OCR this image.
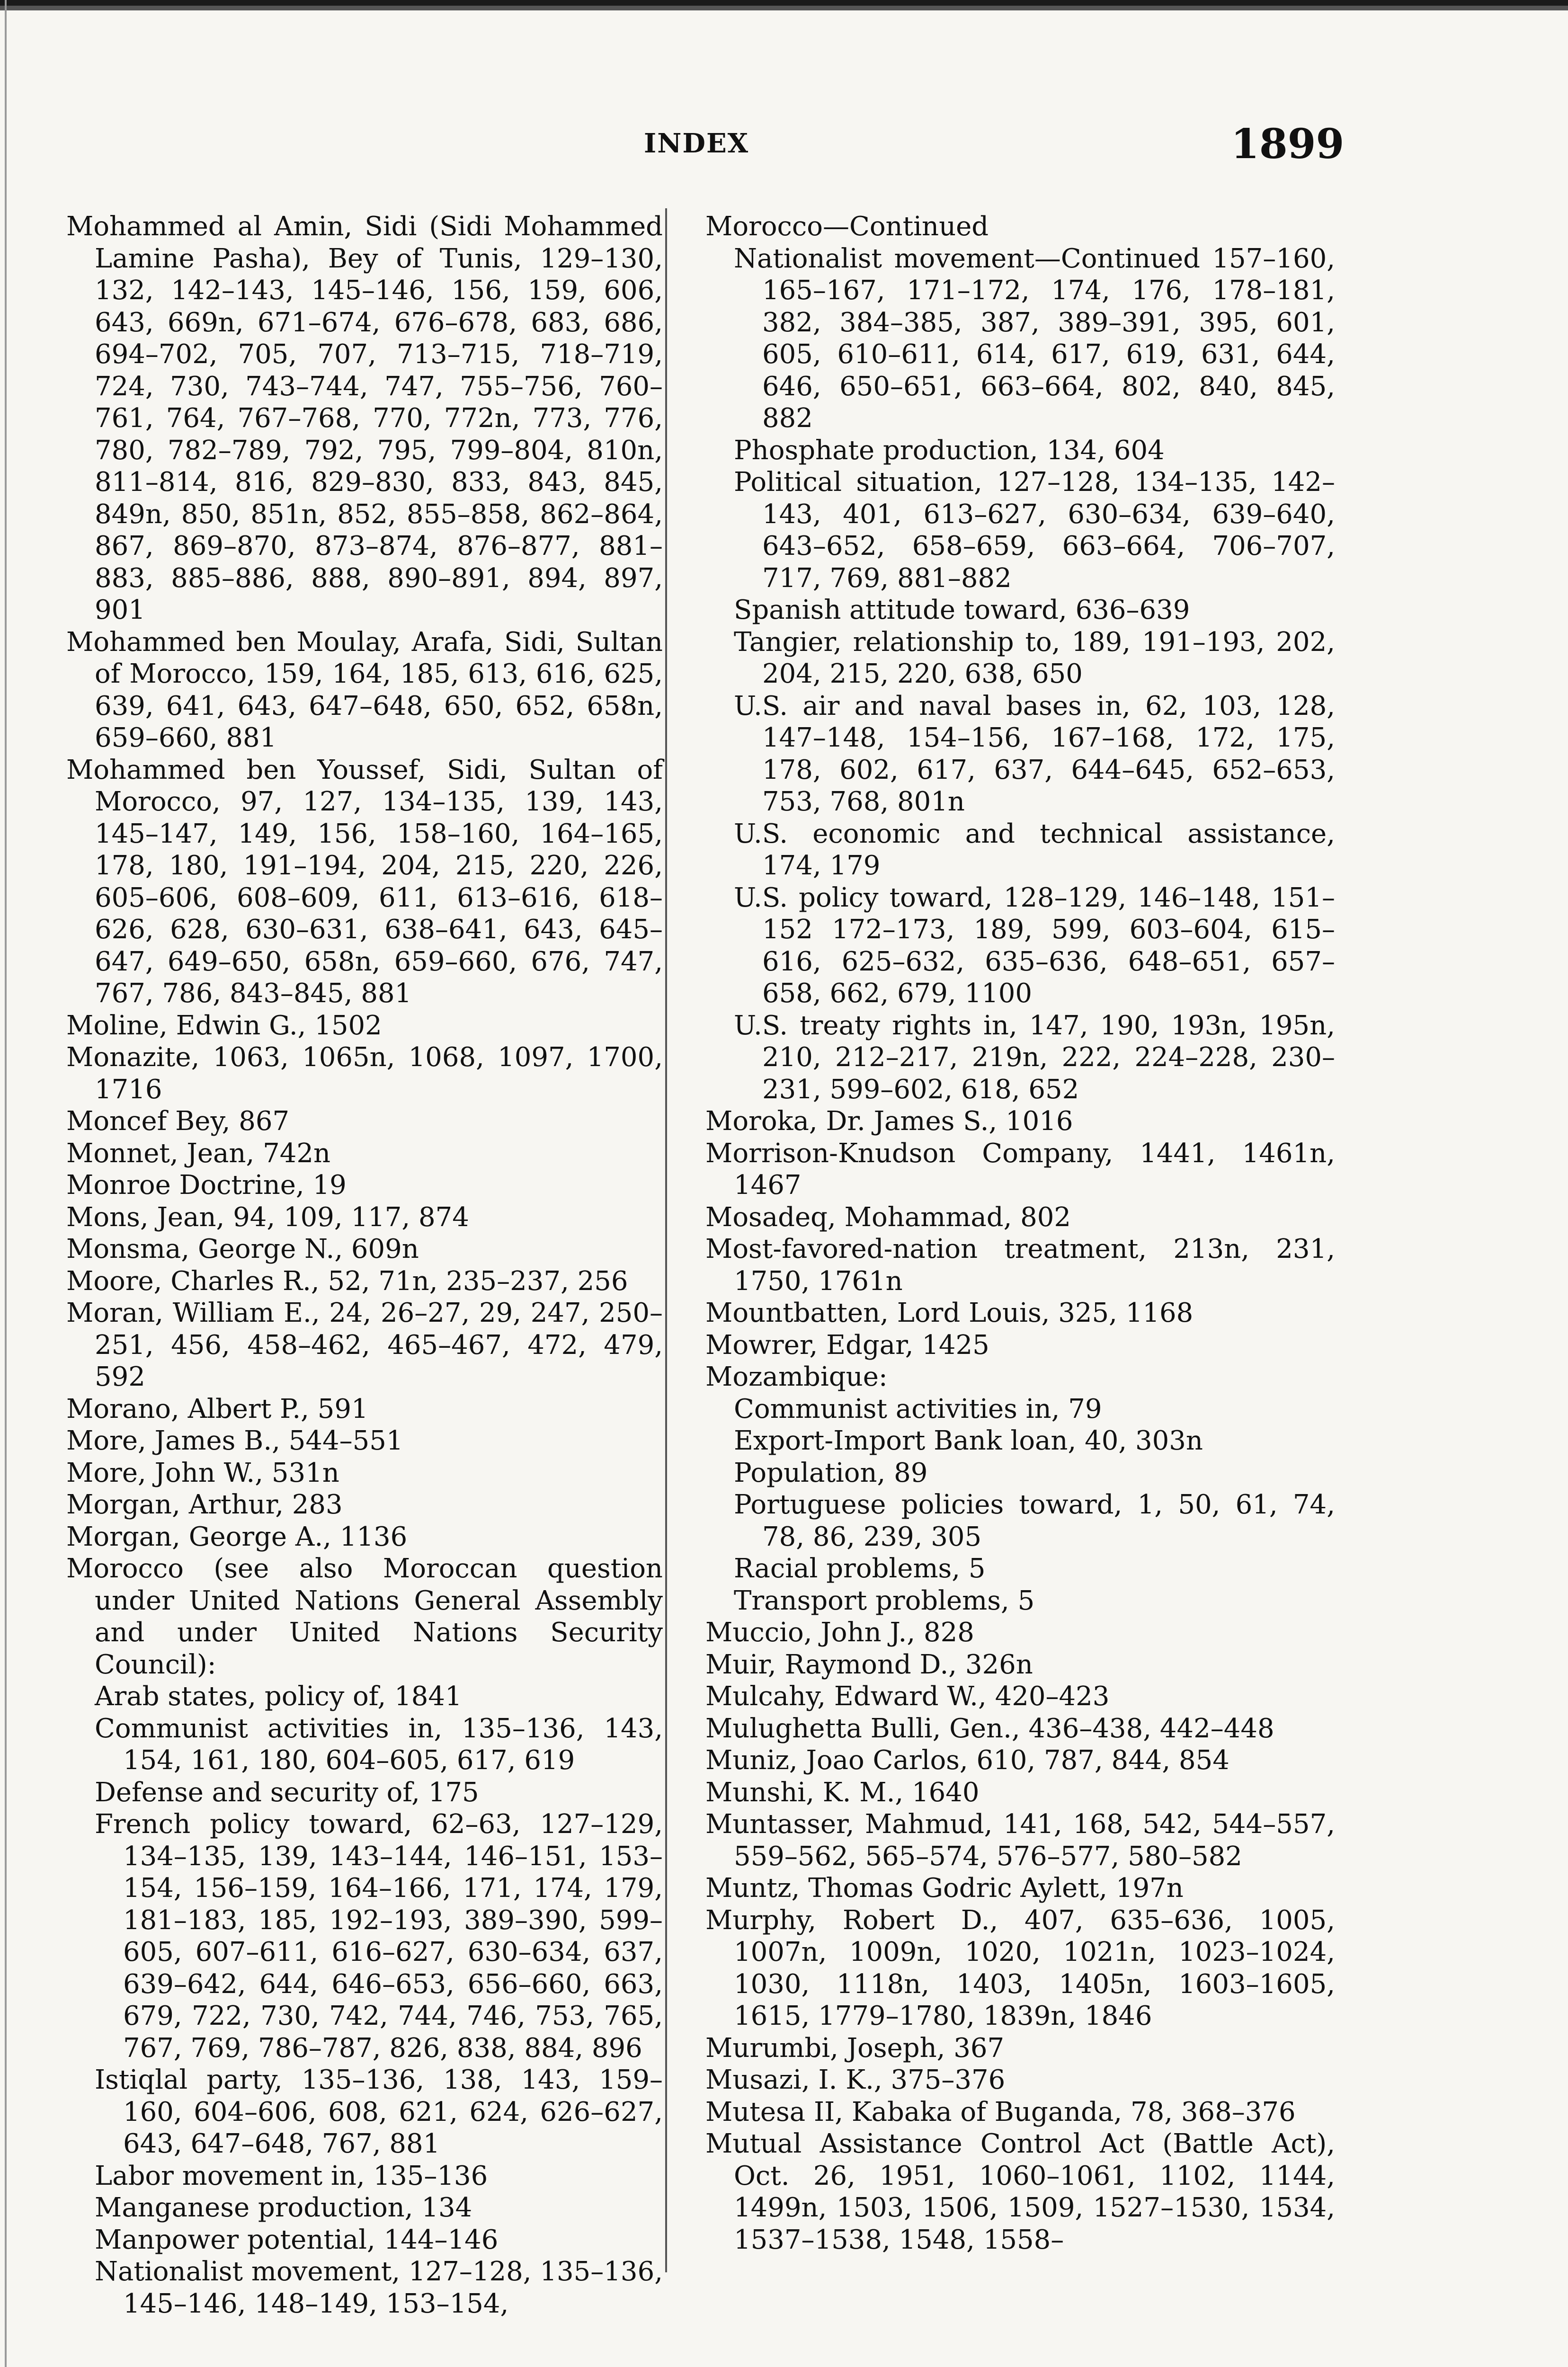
INDEX	1899
Mohammed al Amin, Sidi (Sidi Mohammed Lamine Pasha), Bey of Tunis, 129–130, 132, 142–143, 145–146, 156, 159, 606, 643, 669n, 671–674, 676–678, 683, 686, 694–702, 705, 707, 713–715, 718–719, 724, 730, 743–744, 747, 755–756, 760–761, 764, 767–768, 770, 772n, 773, 776, 780, 782–789, 792, 795, 799–804, 810n, 811–814, 816, 829–830, 833, 843, 845, 849n, 850, 851n, 852, 855–858, 862–864, 867, 869–870, 873–874, 876–877, 881–883, 885–886, 888, 890–891, 894, 897, 901
Mohammed ben Moulay, Arafa, Sidi, Sultan of Morocco, 159, 164, 185, 613, 616, 625, 639, 641, 643, 647–648, 650, 652, 658n, 659–660, 881
Mohammed ben Youssef, Sidi, Sultan of Morocco, 97, 127, 134–135, 139, 143, 145–147, 149, 156, 158–160, 164–165, 178, 180, 191–194, 204, 215, 220, 226, 605–606, 608–609, 611, 613–616, 618–626, 628, 630–631, 638–641, 643, 645–647, 649–650, 658n, 659–660, 676, 747, 767, 786, 843–845, 881
Moline, Edwin G., 1502
Monazite, 1063, 1065n, 1068, 1097, 1700, 1716
Moncef Bey, 867
Monnet, Jean, 742n
Monroe Doctrine, 19
Mons, Jean, 94, 109, 117, 874
Monsma, George N., 609n
Moore, Charles R., 52, 71n, 235–237, 256
Moran, William E., 24, 26–27, 29, 247, 250–251, 456, 458–462, 465–467, 472, 479, 592
Morano, Albert P., 591
More, James B., 544–551
More, John W., 531n
Morgan, Arthur, 283
Morgan, George A., 1136
Morocco (see also Moroccan question under United Nations General Assembly and under United Nations Security Council):
Arab states, policy of, 1841
Communist activities in, 135–136, 143, 154, 161, 180, 604–605, 617, 619
Defense and security of, 175
French policy toward, 62–63, 127–129, 134–135, 139, 143–144, 146–151, 153–154, 156–159, 164–166, 171, 174, 179, 181–183, 185, 192–193, 389–390, 599–605, 607–611, 616–627, 630–634, 637, 639–642, 644, 646–653, 656–660, 663, 679, 722, 730, 742, 744, 746, 753, 765, 767, 769, 786–787, 826, 838, 884, 896
Istiqlal party, 135–136, 138, 143, 159–160, 604–606, 608, 621, 624, 626–627, 643, 647–648, 767, 881
Labor movement in, 135–136
Manganese production, 134
Manpower potential, 144–146
Nationalist movement, 127–128, 135–136, 145–146, 148–149, 153–154,
Morocco—Continued
Nationalist movement—Continued 157–160, 165–167, 171–172, 174, 176, 178–181, 382, 384–385, 387, 389–391, 395, 601, 605, 610–611, 614, 617, 619, 631, 644, 646, 650–651, 663–664, 802, 840, 845, 882
Phosphate production, 134, 604
Political situation, 127–128, 134–135, 142–143, 401, 613–627, 630–634, 639–640, 643–652, 658–659, 663–664, 706–707, 717, 769, 881–882
Spanish attitude toward, 636–639
Tangier, relationship to, 189, 191–193, 202, 204, 215, 220, 638, 650
U.S. air and naval bases in, 62, 103, 128, 147–148, 154–156, 167–168, 172, 175, 178, 602, 617, 637, 644–645, 652–653, 753, 768, 801n
U.S. economic and technical assistance, 174, 179
U.S. policy toward, 128–129, 146–148, 151–152 172–173, 189, 599, 603–604, 615–616, 625–632, 635–636, 648–651, 657–658, 662, 679, 1100
U.S. treaty rights in, 147, 190, 193n, 195n, 210, 212–217, 219n, 222, 224–228, 230–231, 599–602, 618, 652
Moroka, Dr. James S., 1016
Morrison-Knudson Company, 1441, 1461n, 1467
Mosadeq, Mohammad, 802
Most-favored-nation treatment, 213n, 231, 1750, 1761n
Mountbatten, Lord Louis, 325, 1168
Mowrer, Edgar, 1425
Mozambique:
Communist activities in, 79
Export-Import Bank loan, 40, 303n
Population, 89
Portuguese policies toward, 1, 50, 61, 74, 78, 86, 239, 305
Racial problems, 5
Transport problems, 5
Muccio, John J., 828
Muir, Raymond D., 326n
Mulcahy, Edward W., 420–423
Mulughetta Bulli, Gen., 436–438, 442–448
Muniz, Joao Carlos, 610, 787, 844, 854
Munshi, K. M., 1640
Muntasser, Mahmud, 141, 168, 542, 544–557, 559–562, 565–574, 576–577, 580–582
Muntz, Thomas Godric Aylett, 197n
Murphy, Robert D., 407, 635–636, 1005, 1007n, 1009n, 1020, 1021n, 1023–1024, 1030, 1118n, 1403, 1405n, 1603–1605, 1615, 1779–1780, 1839n, 1846
Murumbi, Joseph, 367
Musazi, I. K., 375–376
Mutesa II, Kabaka of Buganda, 78, 368–376
Mutual Assistance Control Act (Battle Act), Oct. 26, 1951, 1060–1061, 1102, 1144, 1499n, 1503, 1506, 1509, 1527–1530, 1534, 1537–1538, 1548, 1558–
